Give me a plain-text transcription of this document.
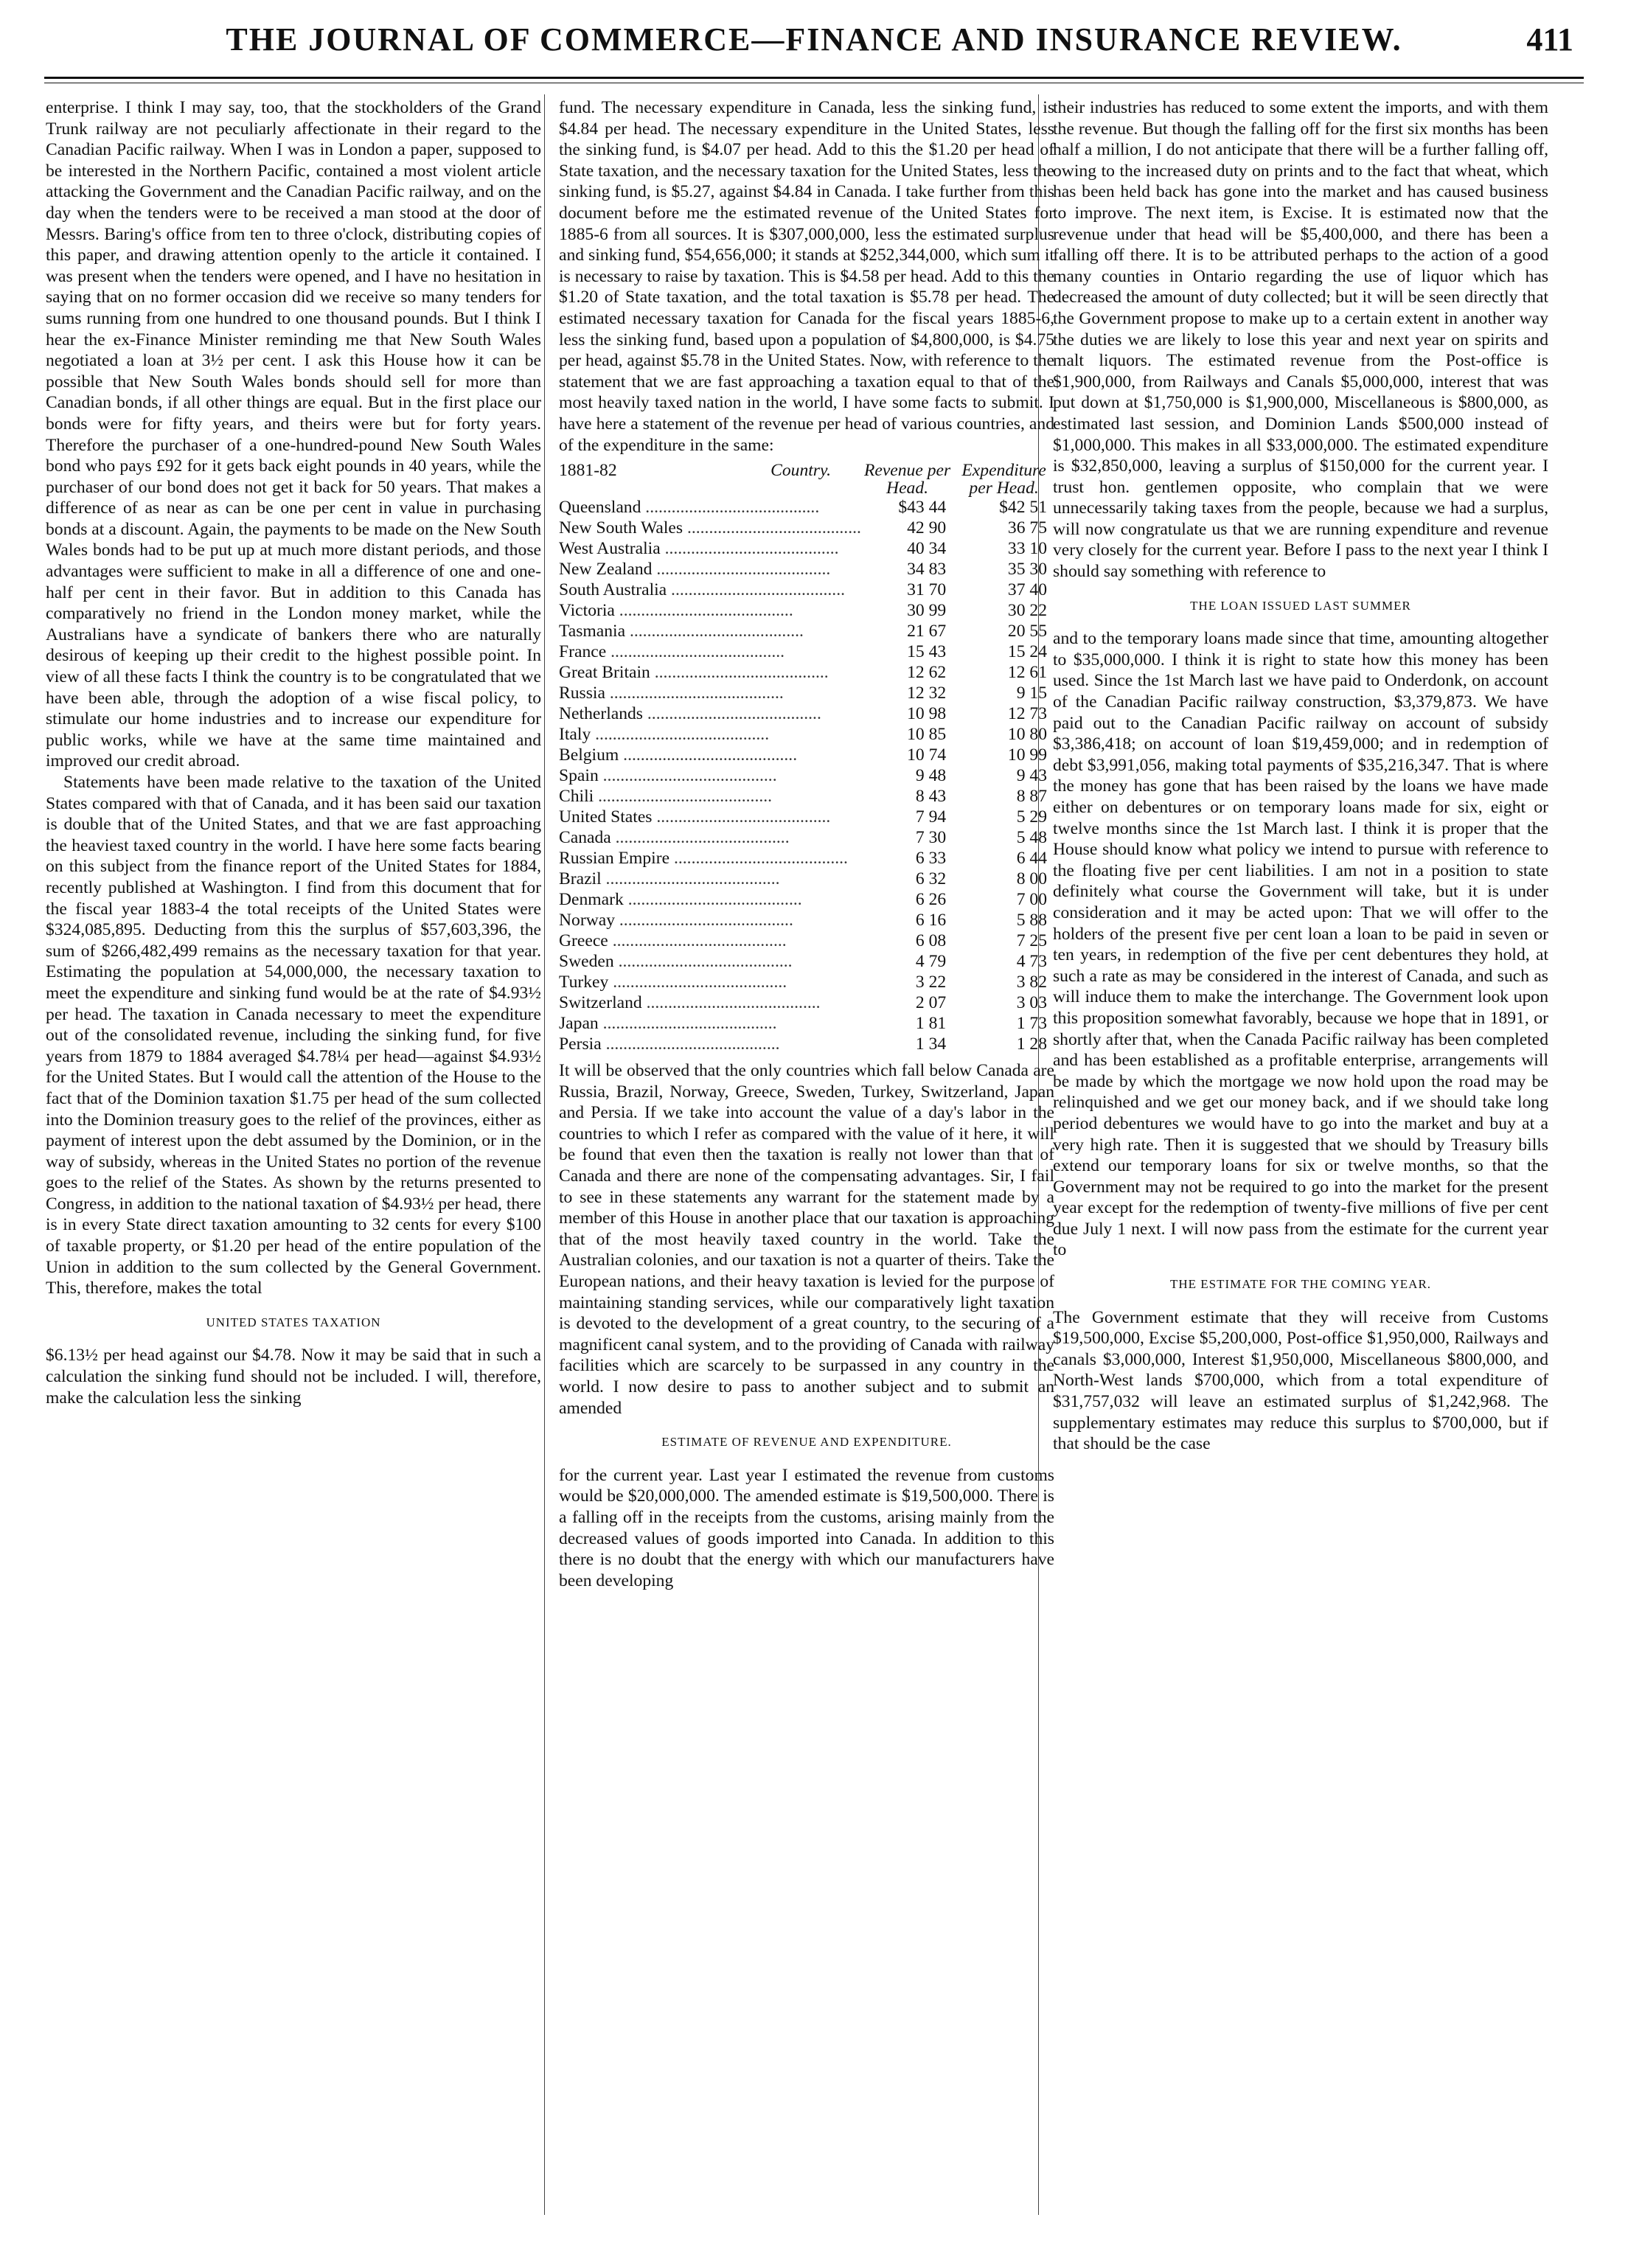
THE JOURNAL OF COMMERCE—FINANCE AND INSURANCE REVIEW.	411

enterprise. I think I may say, too, that the stockholders of the Grand Trunk railway are not peculiarly affectionate in their regard to the Canadian Pacific railway. When I was in London a paper, supposed to be interested in the Northern Pacific, contained a most violent article attacking the Government and the Canadian Pacific railway, and on the day when the tenders were to be received a man stood at the door of Messrs. Baring's office from ten to three o'clock, distributing copies of this paper, and drawing attention openly to the article it contained. I was present when the tenders were opened, and I have no hesitation in saying that on no former occasion did we receive so many tenders for sums running from one hundred to one thousand pounds. But I think I hear the ex-Finance Minister reminding me that New South Wales negotiated a loan at 3½ per cent. I ask this House how it can be possible that New South Wales bonds should sell for more than Canadian bonds, if all other things are equal. But in the first place our bonds were for fifty years, and theirs were but for forty years. Therefore the purchaser of a one-hundred-pound New South Wales bond who pays £92 for it gets back eight pounds in 40 years, while the purchaser of our bond does not get it back for 50 years. That makes a difference of as near as can be one per cent in value in purchasing bonds at a discount. Again, the payments to be made on the New South Wales bonds had to be put up at much more distant periods, and those advantages were sufficient to make in all a difference of one and one-half per cent in their favor. But in addition to this Canada has comparatively no friend in the London money market, while the Australians have a syndicate of bankers there who are naturally desirous of keeping up their credit to the highest possible point. In view of all these facts I think the country is to be congratulated that we have been able, through the adoption of a wise fiscal policy, to stimulate our home industries and to increase our expenditure for public works, while we have at the same time maintained and improved our credit abroad.

Statements have been made relative to the taxation of the United States compared with that of Canada, and it has been said our taxation is double that of the United States, and that we are fast approaching the heaviest taxed country in the world. I have here some facts bearing on this subject from the finance report of the United States for 1884, recently published at Washington. I find from this document that for the fiscal year 1883-4 the total receipts of the United States were $324,085,895. Deducting from this the surplus of $57,603,396, the sum of $266,482,499 remains as the necessary taxation for that year. Estimating the population at 54,000,000, the necessary taxation to meet the expenditure and sinking fund would be at the rate of $4.93½ per head. The taxation in Canada necessary to meet the expenditure out of the consolidated revenue, including the sinking fund, for five years from 1879 to 1884 averaged $4.78¼ per head—against $4.93½ for the United States. But I would call the attention of the House to the fact that of the Dominion taxation $1.75 per head of the sum collected into the Dominion treasury goes to the relief of the provinces, either as payment of interest upon the debt assumed by the Dominion, or in the way of subsidy, whereas in the United States no portion of the revenue goes to the relief of the States. As shown by the returns presented to Congress, in addition to the national taxation of $4.93½ per head, there is in every State direct taxation amounting to 32 cents for every $100 of taxable property, or $1.20 per head of the entire population of the Union in addition to the sum collected by the General Government. This, therefore, makes the total

UNITED STATES TAXATION

$6.13½ per head against our $4.78. Now it may be said that in such a calculation the sinking fund should not be included. I will, therefore, make the calculation less the sinking

fund. The necessary expenditure in Canada, less the sinking fund, is $4.84 per head. The necessary expenditure in the United States, less the sinking fund, is $4.07 per head. Add to this the $1.20 per head of State taxation, and the necessary taxation for the United States, less the sinking fund, is $5.27, against $4.84 in Canada. I take further from this document before me the estimated revenue of the United States for 1885-6 from all sources. It is $307,000,000, less the estimated surplus and sinking fund, $54,656,000; it stands at $252,344,000, which sum it is necessary to raise by taxation. This is $4.58 per head. Add to this the $1.20 of State taxation, and the total taxation is $5.78 per head. The estimated necessary taxation for Canada for the fiscal years 1885-6, less the sinking fund, based upon a population of $4,800,000, is $4.75 per head, against $5.78 in the United States. Now, with reference to the statement that we are fast approaching a taxation equal to that of the most heavily taxed nation in the world, I have some facts to submit. I have here a statement of the revenue per head of various countries, and of the expenditure in the same:

1881-82	Country.	Revenue per Head.	Expenditure per Head.
Queensland ........................................		$43 44	$42 51
New South Wales ........................................		42 90	36 75
West Australia ........................................		40 34	33 10
New Zealand ........................................		34 83	35 30
South Australia ........................................		31 70	37 40
Victoria ........................................		30 99	30 22
Tasmania ........................................		21 67	20 55
France ........................................		15 43	15 24
Great Britain ........................................		12 62	12 61
Russia ........................................		12 32	9 15
Netherlands ........................................		10 98	12 73
Italy ........................................		10 85	10 80
Belgium ........................................		10 74	10 99
Spain ........................................		9 48	9 43
Chili ........................................		8 43	8 87
United States ........................................		7 94	5 29
Canada ........................................		7 30	5 48
Russian Empire ........................................		6 33	6 44
Brazil ........................................		6 32	8 00
Denmark ........................................		6 26	7 00
Norway ........................................		6 16	5 88
Greece ........................................		6 08	7 25
Sweden ........................................		4 79	4 73
Turkey ........................................		3 22	3 82
Switzerland ........................................		2 07	3 03
Japan ........................................		1 81	1 73
Persia ........................................		1 34	1 28

It will be observed that the only countries which fall below Canada are Russia, Brazil, Norway, Greece, Sweden, Turkey, Switzerland, Japan and Persia. If we take into account the value of a day's labor in the countries to which I refer as compared with the value of it here, it will be found that even then the taxation is really not lower than that of Canada and there are none of the compensating advantages. Sir, I fail to see in these statements any warrant for the statement made by a member of this House in another place that our taxation is approaching that of the most heavily taxed country in the world. Take the Australian colonies, and our taxation is not a quarter of theirs. Take the European nations, and their heavy taxation is levied for the purpose of maintaining standing services, while our comparatively light taxation is devoted to the development of a great country, to the securing of a magnificent canal system, and to the providing of Canada with railway facilities which are scarcely to be surpassed in any country in the world. I now desire to pass to another subject and to submit an amended

ESTIMATE OF REVENUE AND EXPENDITURE.

for the current year. Last year I estimated the revenue from customs would be $20,000,000. The amended estimate is $19,500,000. There is a falling off in the receipts from the customs, arising mainly from the decreased values of goods imported into Canada. In addition to this there is no doubt that the energy with which our manufacturers have been developing

their industries has reduced to some extent the imports, and with them the revenue. But though the falling off for the first six months has been half a million, I do not anticipate that there will be a further falling off, owing to the increased duty on prints and to the fact that wheat, which has been held back has gone into the market and has caused business to improve. The next item, is Excise. It is estimated now that the revenue under that head will be $5,400,000, and there has been a falling off there. It is to be attributed perhaps to the action of a good many counties in Ontario regarding the use of liquor which has decreased the amount of duty collected; but it will be seen directly that the Government propose to make up to a certain extent in another way the duties we are likely to lose this year and next year on spirits and malt liquors. The estimated revenue from the Post-office is $1,900,000, from Railways and Canals $5,000,000, interest that was put down at $1,750,000 is $1,900,000, Miscellaneous is $800,000, as estimated last session, and Dominion Lands $500,000 instead of $1,000,000. This makes in all $33,000,000. The estimated expenditure is $32,850,000, leaving a surplus of $150,000 for the current year. I trust hon. gentlemen opposite, who complain that we were unnecessarily taking taxes from the people, because we had a surplus, will now congratulate us that we are running expenditure and revenue very closely for the current year. Before I pass to the next year I think I should say something with reference to

THE LOAN ISSUED LAST SUMMER

and to the temporary loans made since that time, amounting altogether to $35,000,000. I think it is right to state how this money has been used. Since the 1st March last we have paid to Onderdonk, on account of the Canadian Pacific railway construction, $3,379,873. We have paid out to the Canadian Pacific railway on account of subsidy $3,386,418; on account of loan $19,459,000; and in redemption of debt $3,991,056, making total payments of $35,216,347. That is where the money has gone that has been raised by the loans we have made either on debentures or on temporary loans made for six, eight or twelve months since the 1st March last. I think it is proper that the House should know what policy we intend to pursue with reference to the floating five per cent liabilities. I am not in a position to state definitely what course the Government will take, but it is under consideration and it may be acted upon: That we will offer to the holders of the present five per cent loan a loan to be paid in seven or ten years, in redemption of the five per cent debentures they hold, at such a rate as may be considered in the interest of Canada, and such as will induce them to make the interchange. The Government look upon this proposition somewhat favorably, because we hope that in 1891, or shortly after that, when the Canada Pacific railway has been completed and has been established as a profitable enterprise, arrangements will be made by which the mortgage we now hold upon the road may be relinquished and we get our money back, and if we should take long period debentures we would have to go into the market and buy at a very high rate. Then it is suggested that we should by Treasury bills extend our temporary loans for six or twelve months, so that the Government may not be required to go into the market for the present year except for the redemption of twenty-five millions of five per cent due July 1 next. I will now pass from the estimate for the current year to

THE ESTIMATE FOR THE COMING YEAR.

The Government estimate that they will receive from Customs $19,500,000, Excise $5,200,000, Post-office $1,950,000, Railways and canals $3,000,000, Interest $1,950,000, Miscellaneous $800,000, and North-West lands $700,000, which from a total expenditure of $31,757,032 will leave an estimated surplus of $1,242,968. The supplementary estimates may reduce this surplus to $700,000, but if that should be the case
